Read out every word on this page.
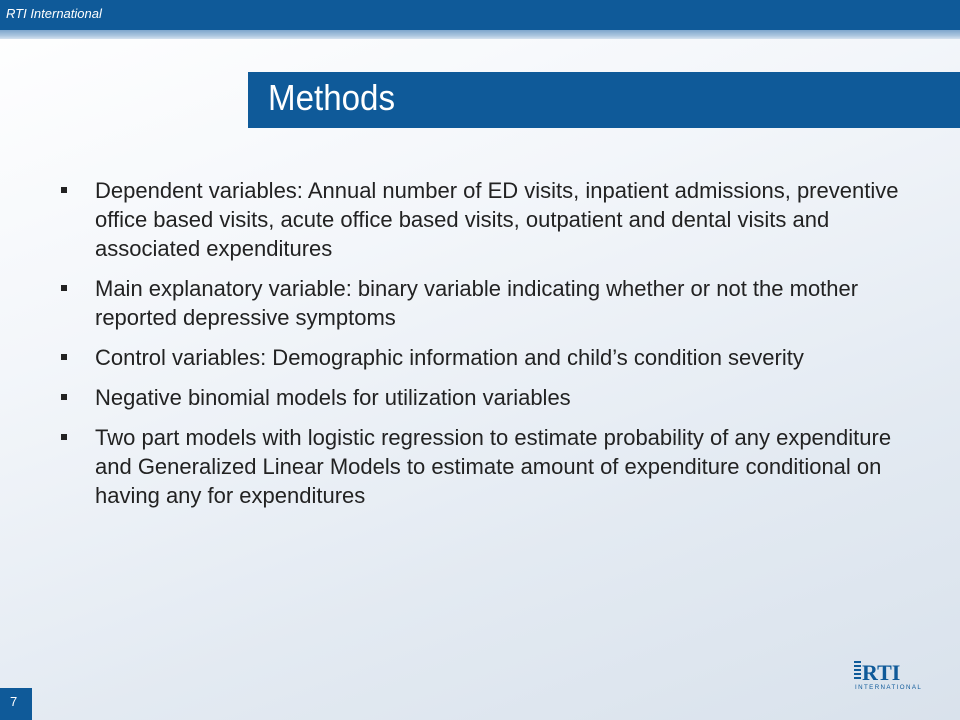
RTI International
Methods
Dependent variables: Annual number of ED visits, inpatient admissions, preventive office based visits, acute office based visits, outpatient and dental visits and associated expenditures
Main explanatory variable: binary variable indicating whether or not the mother reported depressive symptoms
Control variables: Demographic information and child’s condition severity
Negative binomial models for utilization variables
Two part models with logistic regression to estimate probability of any expenditure and Generalized Linear Models to estimate amount of expenditure conditional on having any for expenditures
7
RTI
INTERNATIONAL
